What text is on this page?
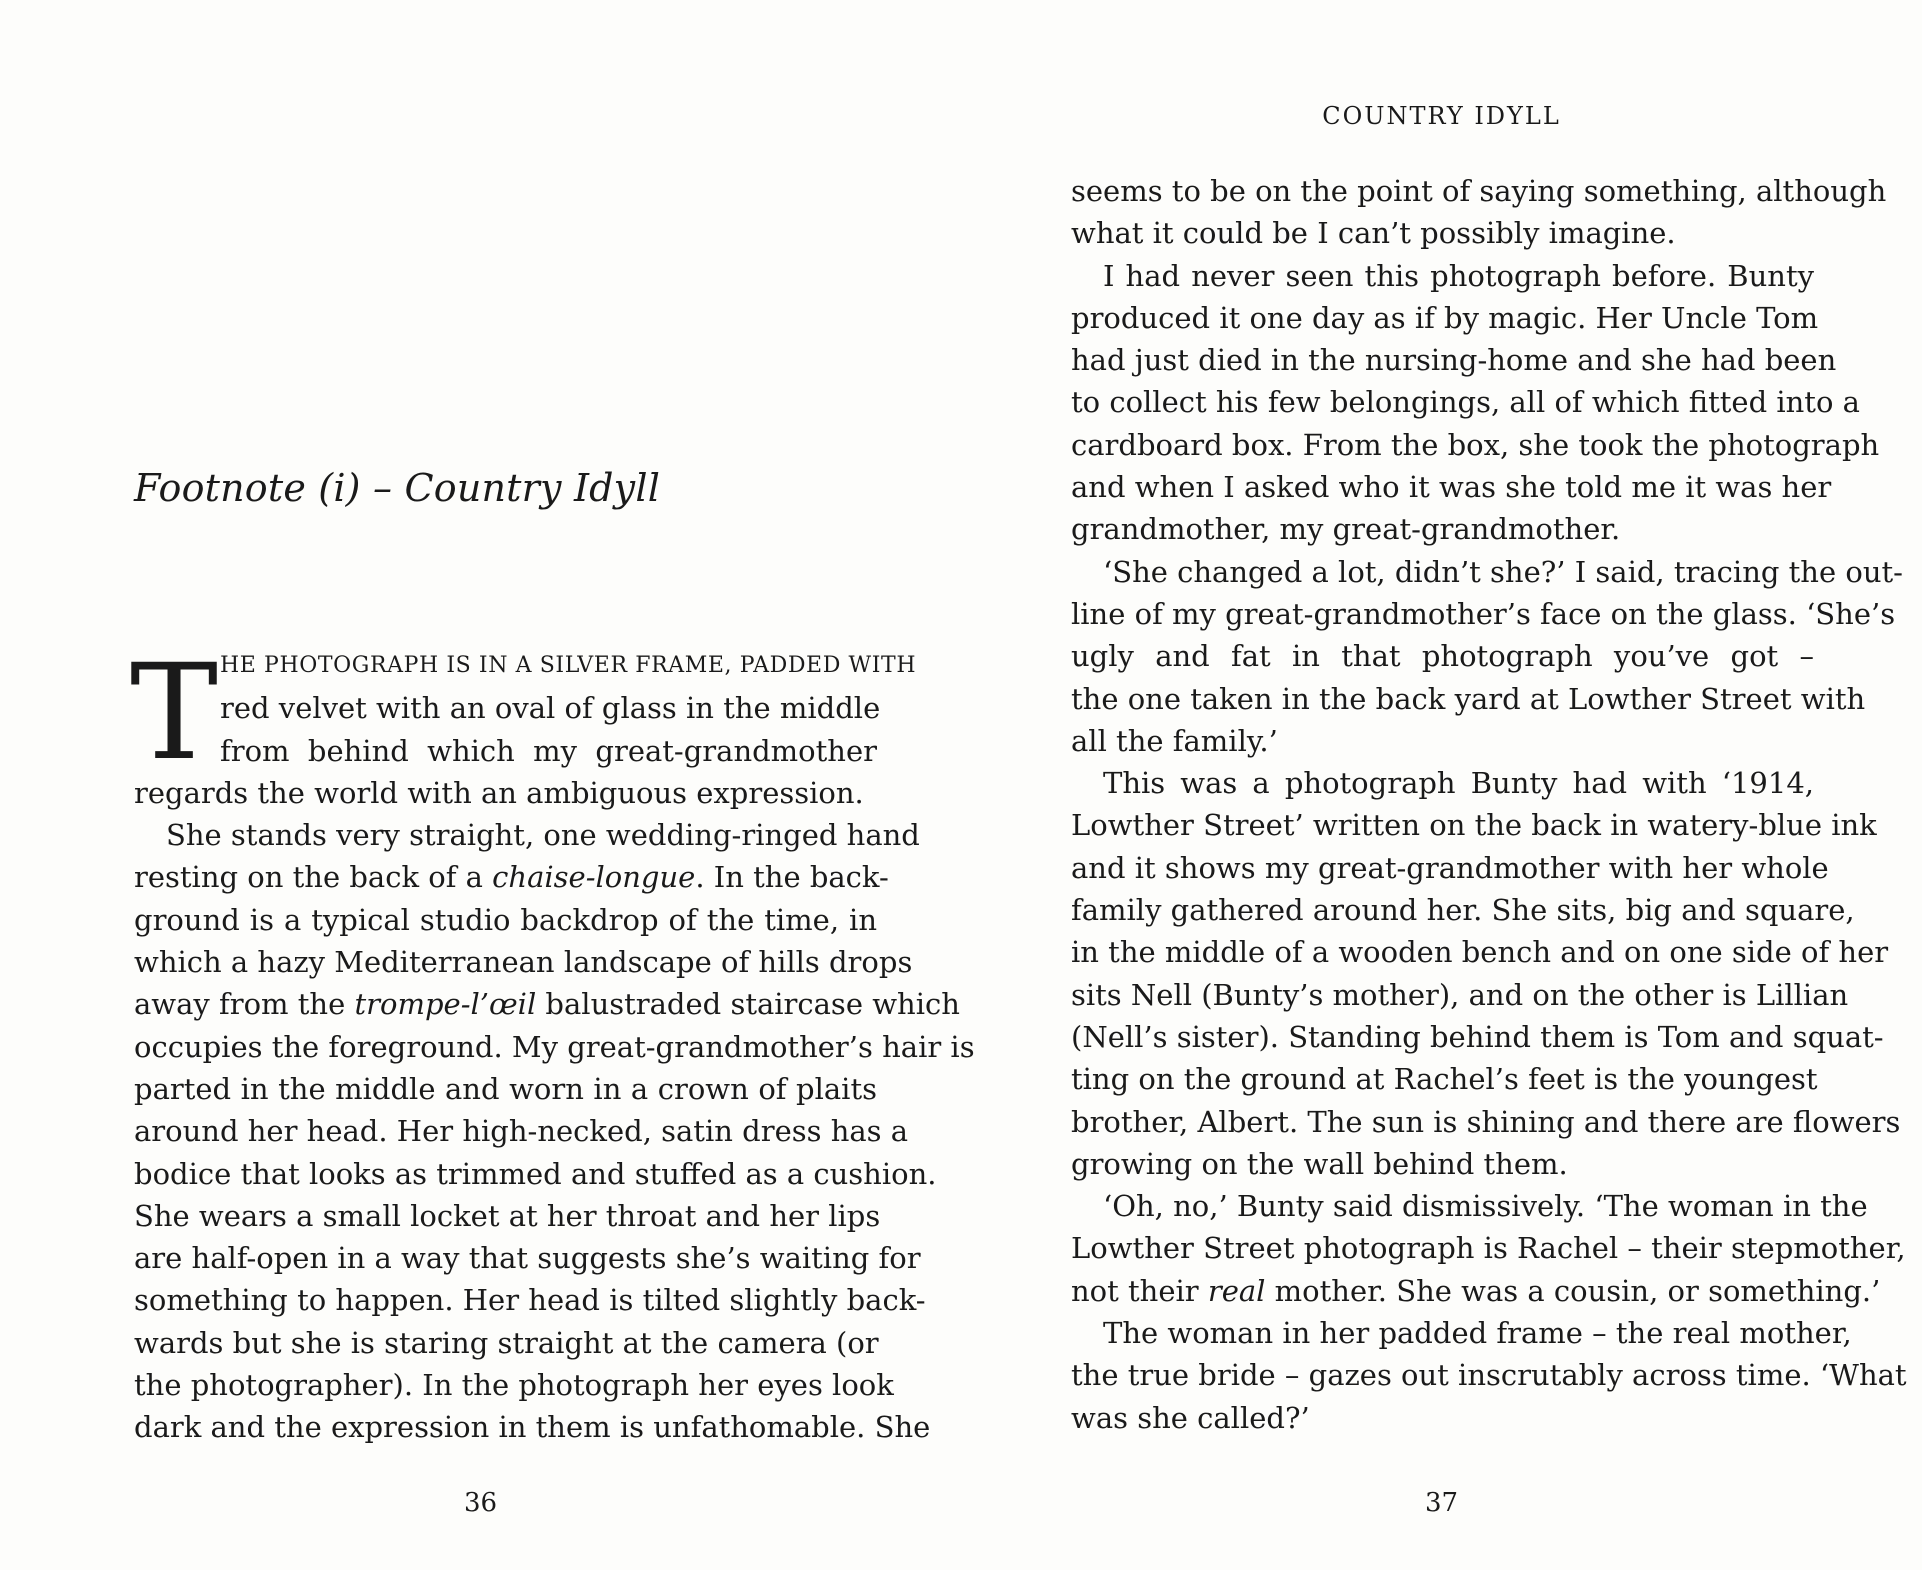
Footnote (i) – Country Idyll
T HE PHOTOGRAPH IS IN A SILVER FRAME, PADDED WITH
red velvet with an oval of glass in the middle
from behind which my great-grandmother
regards the world with an ambiguous expression.
She stands very straight, one wedding-ringed hand
resting on the back of a chaise-longue. In the back-
ground is a typical studio backdrop of the time, in
which a hazy Mediterranean landscape of hills drops
away from the trompe-l’œil balustraded staircase which
occupies the foreground. My great-grandmother’s hair is
parted in the middle and worn in a crown of plaits
around her head. Her high-necked, satin dress has a
bodice that looks as trimmed and stuffed as a cushion.
She wears a small locket at her throat and her lips
are half-open in a way that suggests she’s waiting for
something to happen. Her head is tilted slightly back-
wards but she is staring straight at the camera (or
the photographer). In the photograph her eyes look
dark and the expression in them is unfathomable. She
36
COUNTRY IDYLL
seems to be on the point of saying something, although
what it could be I can’t possibly imagine.
I had never seen this photograph before. Bunty
produced it one day as if by magic. Her Uncle Tom
had just died in the nursing-home and she had been
to collect his few belongings, all of which fitted into a
cardboard box. From the box, she took the photograph
and when I asked who it was she told me it was her
grandmother, my great-grandmother.
‘She changed a lot, didn’t she?’ I said, tracing the out-
line of my great-grandmother’s face on the glass. ‘She’s
ugly and fat in that photograph you’ve got –
the one taken in the back yard at Lowther Street with
all the family.’
This was a photograph Bunty had with ‘1914,
Lowther Street’ written on the back in watery-blue ink
and it shows my great-grandmother with her whole
family gathered around her. She sits, big and square,
in the middle of a wooden bench and on one side of her
sits Nell (Bunty’s mother), and on the other is Lillian
(Nell’s sister). Standing behind them is Tom and squat-
ting on the ground at Rachel’s feet is the youngest
brother, Albert. The sun is shining and there are flowers
growing on the wall behind them.
‘Oh, no,’ Bunty said dismissively. ‘The woman in the
Lowther Street photograph is Rachel – their stepmother,
not their real mother. She was a cousin, or something.’
The woman in her padded frame – the real mother,
the true bride – gazes out inscrutably across time. ‘What
was she called?’
37
